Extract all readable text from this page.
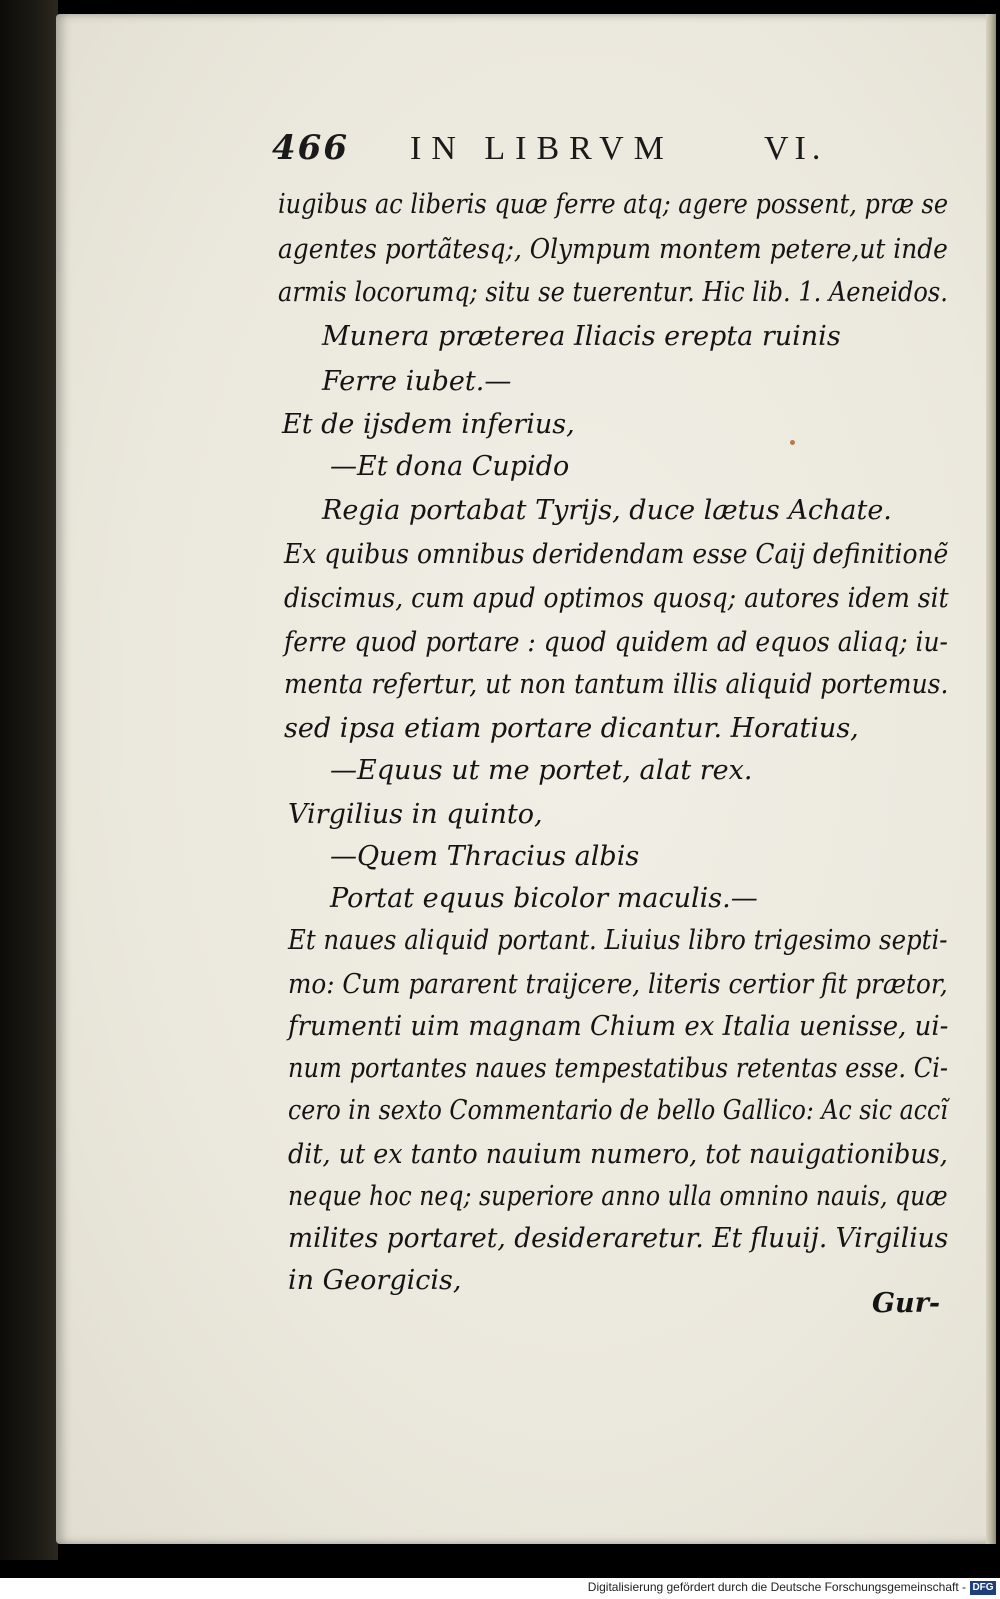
466 IN LIBRVM	VI.
iugibus ac liberis quæ ferre atq; agere possent, præ se
agentes portãtesq;, Olympum montem petere,ut inde
armis locorumq; situ se tuerentur. Hic lib. 1. Aeneidos.
Munera præterea Iliacis erepta ruinis
Ferre iubet.—
Et de ijsdem inferius,
—Et dona Cupido
Regia portabat Tyrijs, duce lætus Achate.
Ex quibus omnibus deridendam esse Caij definitionẽ
discimus, cum apud optimos quosq; autores idem sit
ferre quod portare : quod quidem ad equos aliaq; iu-
menta refertur, ut non tantum illis aliquid portemus.
sed ipsa etiam portare dicantur. Horatius,
—Equus ut me portet, alat rex.
Virgilius in quinto,
—Quem Thracius albis
Portat equus bicolor maculis.—
Et naues aliquid portant. Liuius libro trigesimo septi-
mo: Cum pararent traijcere, literis certior fit prætor,
frumenti uim magnam Chium ex Italia uenisse, ui-
num portantes naues tempestatibus retentas esse. Ci-
cero in sexto Commentario de bello Gallico: Ac sic accĩ
dit, ut ex tanto nauium numero, tot nauigationibus,
neque hoc neq; superiore anno ulla omnino nauis, quæ
milites portaret, desideraretur. Et fluuij. Virgilius
in Georgicis,
Gur-
Digitalisierung gefördert durch die Deutsche Forschungsgemeinschaft - DFG
